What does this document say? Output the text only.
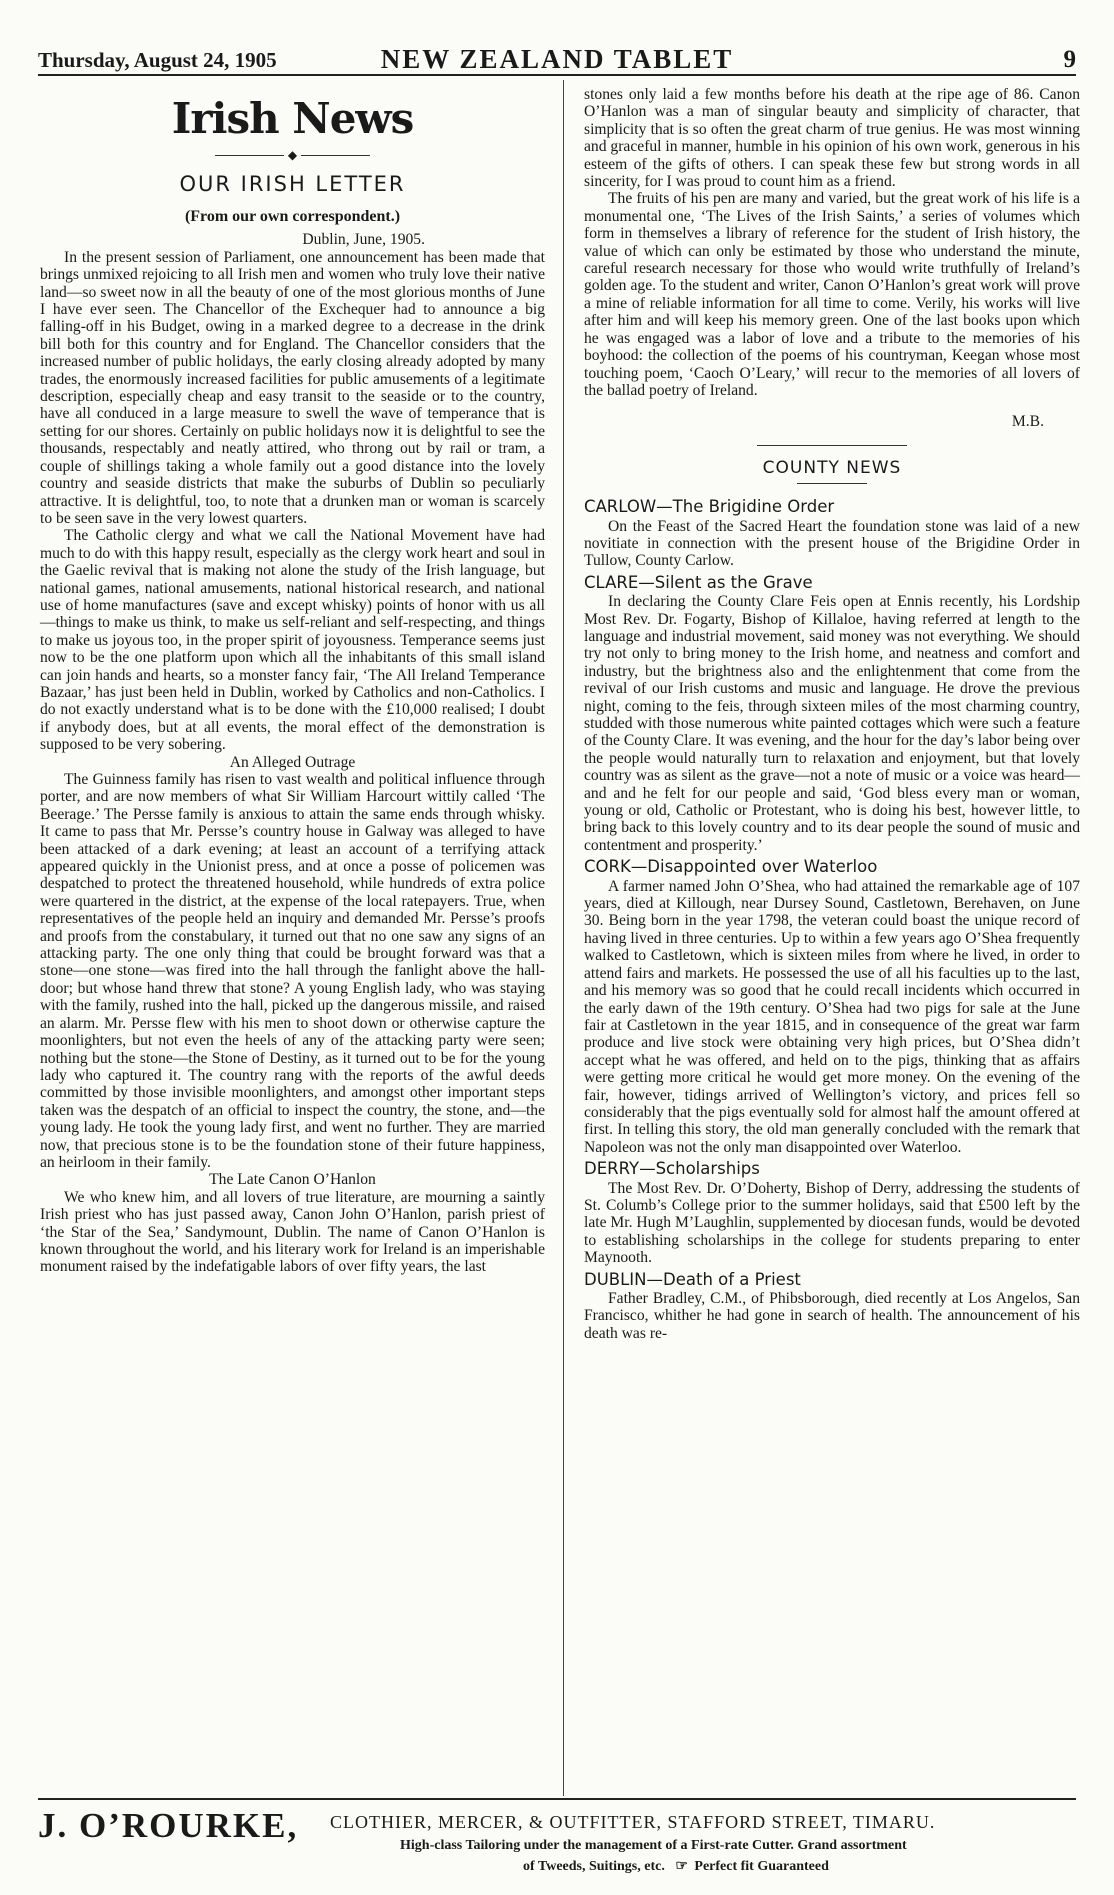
Thursday, August 24, 1905	NEW ZEALAND TABLET	9
Irish News
◆
OUR IRISH LETTER
(From our own correspondent.)
Dublin, June, 1905.

In the present session of Parliament, one announcement has been made that brings unmixed rejoicing to all Irish men and women who truly love their native land—so sweet now in all the beauty of one of the most glorious months of June I have ever seen. The Chancellor of the Exchequer had to announce a big falling-off in his Budget, owing in a marked degree to a decrease in the drink bill both for this country and for England. The Chancellor considers that the increased number of public holidays, the early closing already adopted by many trades, the enormously increased facilities for public amusements of a legitimate description, especially cheap and easy transit to the seaside or to the country, have all conduced in a large measure to swell the wave of temperance that is setting for our shores. Certainly on public holidays now it is delightful to see the thousands, respectably and neatly attired, who throng out by rail or tram, a couple of shillings taking a whole family out a good distance into the lovely country and seaside districts that make the suburbs of Dublin so peculiarly attractive. It is delightful, too, to note that a drunken man or woman is scarcely to be seen save in the very lowest quarters.

The Catholic clergy and what we call the National Movement have had much to do with this happy result, especially as the clergy work heart and soul in the Gaelic revival that is making not alone the study of the Irish language, but national games, national amusements, national historical research, and national use of home manufactures (save and except whisky) points of honor with us all—things to make us think, to make us self-reliant and self-respecting, and things to make us joyous too, in the proper spirit of joyousness. Temperance seems just now to be the one platform upon which all the inhabitants of this small island can join hands and hearts, so a monster fancy fair, ‘The All Ireland Temperance Bazaar,’ has just been held in Dublin, worked by Catholics and non-Catholics. I do not exactly understand what is to be done with the £10,000 realised; I doubt if anybody does, but at all events, the moral effect of the demonstration is supposed to be very sobering.

An Alleged Outrage

The Guinness family has risen to vast wealth and political influence through porter, and are now members of what Sir William Harcourt wittily called ‘The Beerage.’ The Persse family is anxious to attain the same ends through whisky. It came to pass that Mr. Persse’s country house in Galway was alleged to have been attacked of a dark evening; at least an account of a terrifying attack appeared quickly in the Unionist press, and at once a posse of policemen was despatched to protect the threatened household, while hundreds of extra police were quartered in the district, at the expense of the local ratepayers. True, when representatives of the people held an inquiry and demanded Mr. Persse’s proofs and proofs from the constabulary, it turned out that no one saw any signs of an attacking party. The one only thing that could be brought forward was that a stone—one stone—was fired into the hall through the fanlight above the hall-door; but whose hand threw that stone? A young English lady, who was staying with the family, rushed into the hall, picked up the dangerous missile, and raised an alarm. Mr. Persse flew with his men to shoot down or otherwise capture the moonlighters, but not even the heels of any of the attacking party were seen; nothing but the stone—the Stone of Destiny, as it turned out to be for the young lady who captured it. The country rang with the reports of the awful deeds committed by those invisible moonlighters, and amongst other important steps taken was the despatch of an official to inspect the country, the stone, and—the young lady. He took the young lady first, and went no further. They are married now, that precious stone is to be the foundation stone of their future happiness, an heirloom in their family.

The Late Canon O’Hanlon

We who knew him, and all lovers of true literature, are mourning a saintly Irish priest who has just passed away, Canon John O’Hanlon, parish priest of ‘the Star of the Sea,’ Sandymount, Dublin. The name of Canon O’Hanlon is known throughout the world, and his literary work for Ireland is an imperishable monument raised by the indefatigable labors of over fifty years, the last

stones only laid a few months before his death at the ripe age of 86. Canon O’Hanlon was a man of singular beauty and simplicity of character, that simplicity that is so often the great charm of true genius. He was most winning and graceful in manner, humble in his opinion of his own work, generous in his esteem of the gifts of others. I can speak these few but strong words in all sincerity, for I was proud to count him as a friend.

The fruits of his pen are many and varied, but the great work of his life is a monumental one, ‘The Lives of the Irish Saints,’ a series of volumes which form in themselves a library of reference for the student of Irish history, the value of which can only be estimated by those who understand the minute, careful research necessary for those who would write truthfully of Ireland’s golden age. To the student and writer, Canon O’Hanlon’s great work will prove a mine of reliable information for all time to come. Verily, his works will live after him and will keep his memory green. One of the last books upon which he was engaged was a labor of love and a tribute to the memories of his boyhood: the collection of the poems of his countryman, Keegan whose most touching poem, ‘Caoch O’Leary,’ will recur to the memories of all lovers of the ballad poetry of Ireland.

M.B.
COUNTY NEWS
CARLOW—The Brigidine Order

On the Feast of the Sacred Heart the foundation stone was laid of a new novitiate in connection with the present house of the Brigidine Order in Tullow, County Carlow.

CLARE—Silent as the Grave

In declaring the County Clare Feis open at Ennis recently, his Lordship Most Rev. Dr. Fogarty, Bishop of Killaloe, having referred at length to the language and industrial movement, said money was not everything. We should try not only to bring money to the Irish home, and neatness and comfort and industry, but the brightness also and the enlightenment that come from the revival of our Irish customs and music and language. He drove the previous night, coming to the feis, through sixteen miles of the most charming country, studded with those numerous white painted cottages which were such a feature of the County Clare. It was evening, and the hour for the day’s labor being over the people would naturally turn to relaxation and enjoyment, but that lovely country was as silent as the grave—not a note of music or a voice was heard—and and he felt for our people and said, ‘God bless every man or woman, young or old, Catholic or Protestant, who is doing his best, however little, to bring back to this lovely country and to its dear people the sound of music and contentment and prosperity.’

CORK—Disappointed over Waterloo

A farmer named John O’Shea, who had attained the remarkable age of 107 years, died at Killough, near Dursey Sound, Castletown, Berehaven, on June 30. Being born in the year 1798, the veteran could boast the unique record of having lived in three centuries. Up to within a few years ago O’Shea frequently walked to Castletown, which is sixteen miles from where he lived, in order to attend fairs and markets. He possessed the use of all his faculties up to the last, and his memory was so good that he could recall incidents which occurred in the early dawn of the 19th century. O’Shea had two pigs for sale at the June fair at Castletown in the year 1815, and in consequence of the great war farm produce and live stock were obtaining very high prices, but O’Shea didn’t accept what he was offered, and held on to the pigs, thinking that as affairs were getting more critical he would get more money. On the evening of the fair, however, tidings arrived of Wellington’s victory, and prices fell so considerably that the pigs eventually sold for almost half the amount offered at first. In telling this story, the old man generally concluded with the remark that Napoleon was not the only man disappointed over Waterloo.

DERRY—Scholarships

The Most Rev. Dr. O’Doherty, Bishop of Derry, addressing the students of St. Columb’s College prior to the summer holidays, said that £500 left by the late Mr. Hugh M’Laughlin, supplemented by diocesan funds, would be devoted to establishing scholarships in the college for students preparing to enter Maynooth.

DUBLIN—Death of a Priest

Father Bradley, C.M., of Phibsborough, died recently at Los Angelos, San Francisco, whither he had gone in search of health. The announcement of his death was re-

J. O’ROURKE, CLOTHIER, MERCER, & OUTFITTER, STAFFORD STREET, TIMARU.
High-class Tailoring under the management of a First-rate Cutter. Grand assortment
of Tweeds, Suitings, etc. ☞ Perfect fit Guaranteed
